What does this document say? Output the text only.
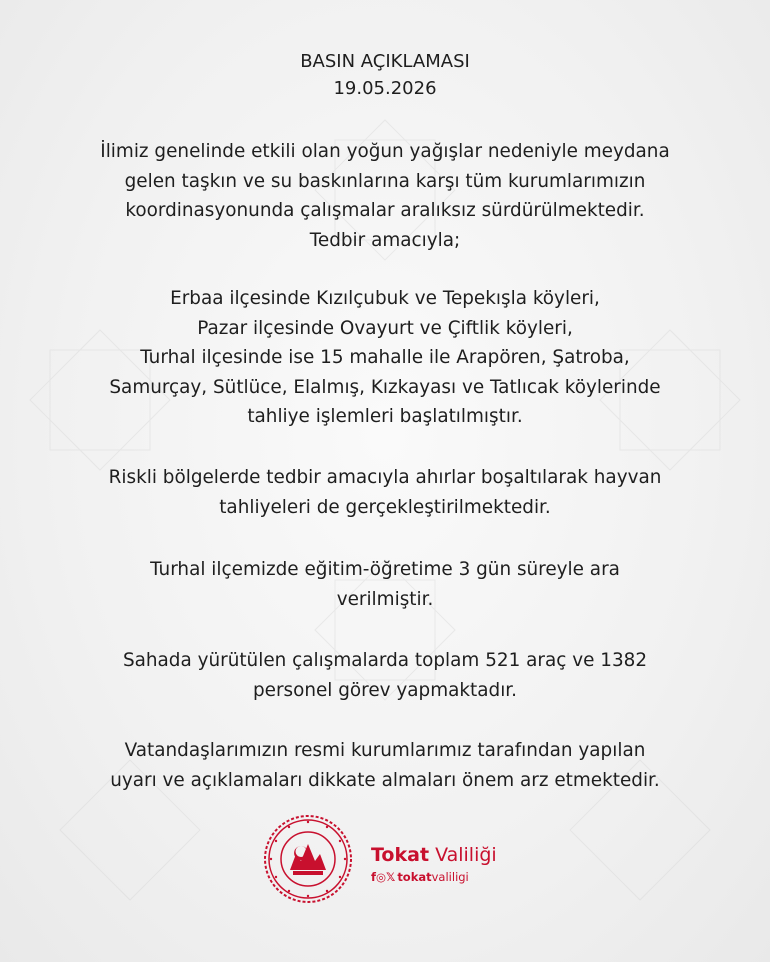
BASIN AÇIKLAMASI
19.05.2026
İlimiz genelinde etkili olan yoğun yağışlar nedeniyle meydana
gelen taşkın ve su baskınlarına karşı tüm kurumlarımızın
koordinasyonunda çalışmalar aralıksız sürdürülmektedir.
Tedbir amacıyla;
Erbaa ilçesinde Kızılçubuk ve Tepekışla köyleri,
Pazar ilçesinde Ovayurt ve Çiftlik köyleri,
Turhal ilçesinde ise 15 mahalle ile Arapören, Şatroba,
Samurçay, Sütlüce, Elalmış, Kızkayası ve Tatlıcak köylerinde
tahliye işlemleri başlatılmıştır.
Riskli bölgelerde tedbir amacıyla ahırlar boşaltılarak hayvan
tahliyeleri de gerçekleştirilmektedir.
Turhal ilçemizde eğitim-öğretime 3 gün süreyle ara
verilmiştir.
Sahada yürütülen çalışmalarda toplam 521 araç ve 1382
personel görev yapmaktadır.
Vatandaşlarımızın resmi kurumlarımız tarafından yapılan
uyarı ve açıklamaları dikkate almaları önem arz etmektedir.
Tokat Valiliği
f◎𝕏 tokatvaliligi
